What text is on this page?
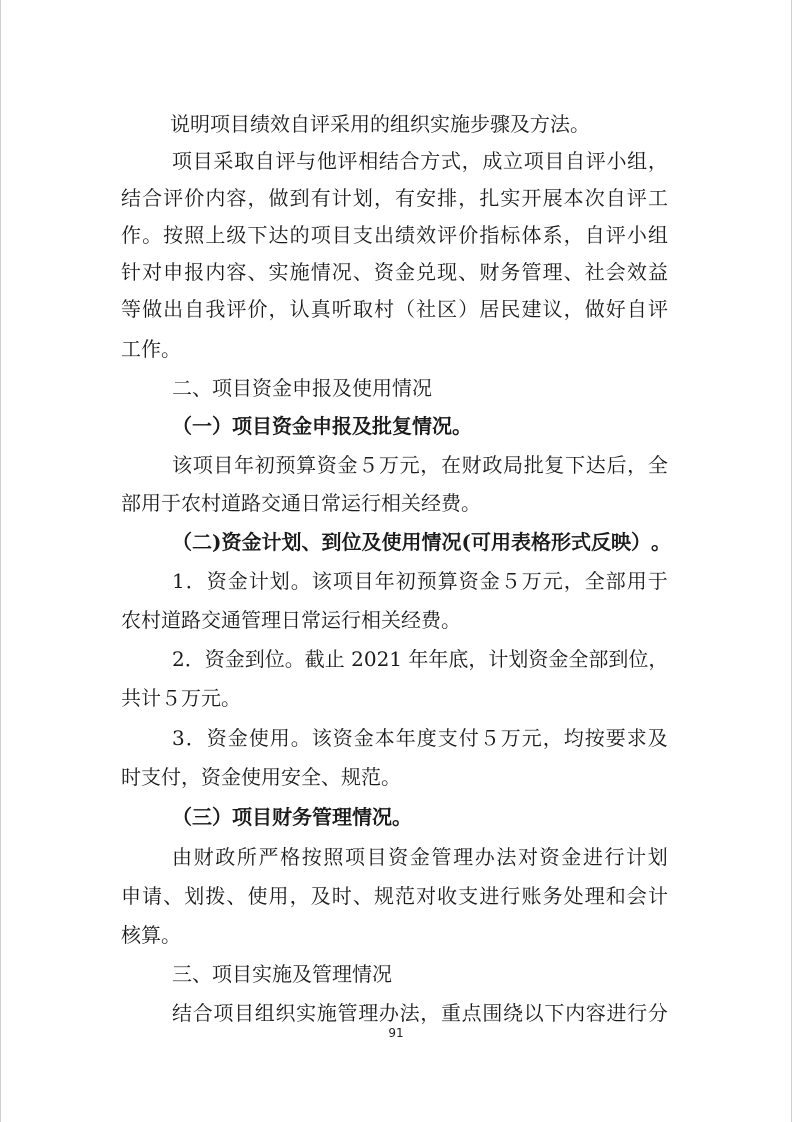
说明项目绩效自评采用的组织实施步骤及方法。
项 目 采 取 自 评 与 他 评 相 结 合 方 式 ， 成 立 项 目 自 评 小 组 ，
结 合 评 价 内 容 ， 做 到 有 计 划 ， 有 安 排 ， 扎 实 开 展 本 次 自 评 工
作 。 按 照 上 级 下 达 的 项 目 支 出 绩 效 评 价 指 标 体 系 ， 自 评 小 组
针 对 申 报 内 容 、 实 施 情 况 、 资 金 兑 现 、 财 务 管 理 、 社 会 效 益
等 做 出 自 我 评 价 ， 认 真 听 取 村 （ 社 区 ） 居 民 建 议 ， 做 好 自 评
工作。
二、项目资金申报及使用情况
（一）项目资金申报及批复情况。
该 项 目 年 初 预 算 资 金 ５ 万 元 ， 在 财 政 局 批 复 下 达 后 ， 全
部用于农村道路交通日常运行相关经费。
（ 二 ) 资 金 计 划 、 到 位 及 使 用 情 况 ( 可 用 表 格 形 式 反 映 ） 。
1 ． 资 金 计 划 。 该 项 目 年 初 预 算 资 金 ５ 万 元 ， 全 部 用 于
农村道路交通管理日常运行相关经费。
2 ． 资 金 到 位 。 截 止
2 0 2 1
年 年 底 ， 计 划 资 金 全 部 到 位 ，
共计５万元。
3 ． 资 金 使 用 。 该 资 金 本 年 度 支 付 ５ 万 元 ， 均 按 要 求 及
时支付，资金使用安全、规范。
（三）项目财务管理情况。
由 财 政 所 严 格 按 照 项 目 资 金 管 理 办 法 对 资 金 进 行 计 划
申 请 、 划 拨 、 使 用 ， 及 时 、 规 范 对 收 支 进 行 账 务 处 理 和 会 计
核算。
三、项目实施及管理情况
结 合 项 目 组 织 实 施 管 理 办 法 ， 重 点 围 绕 以 下 内 容 进 行 分
91
